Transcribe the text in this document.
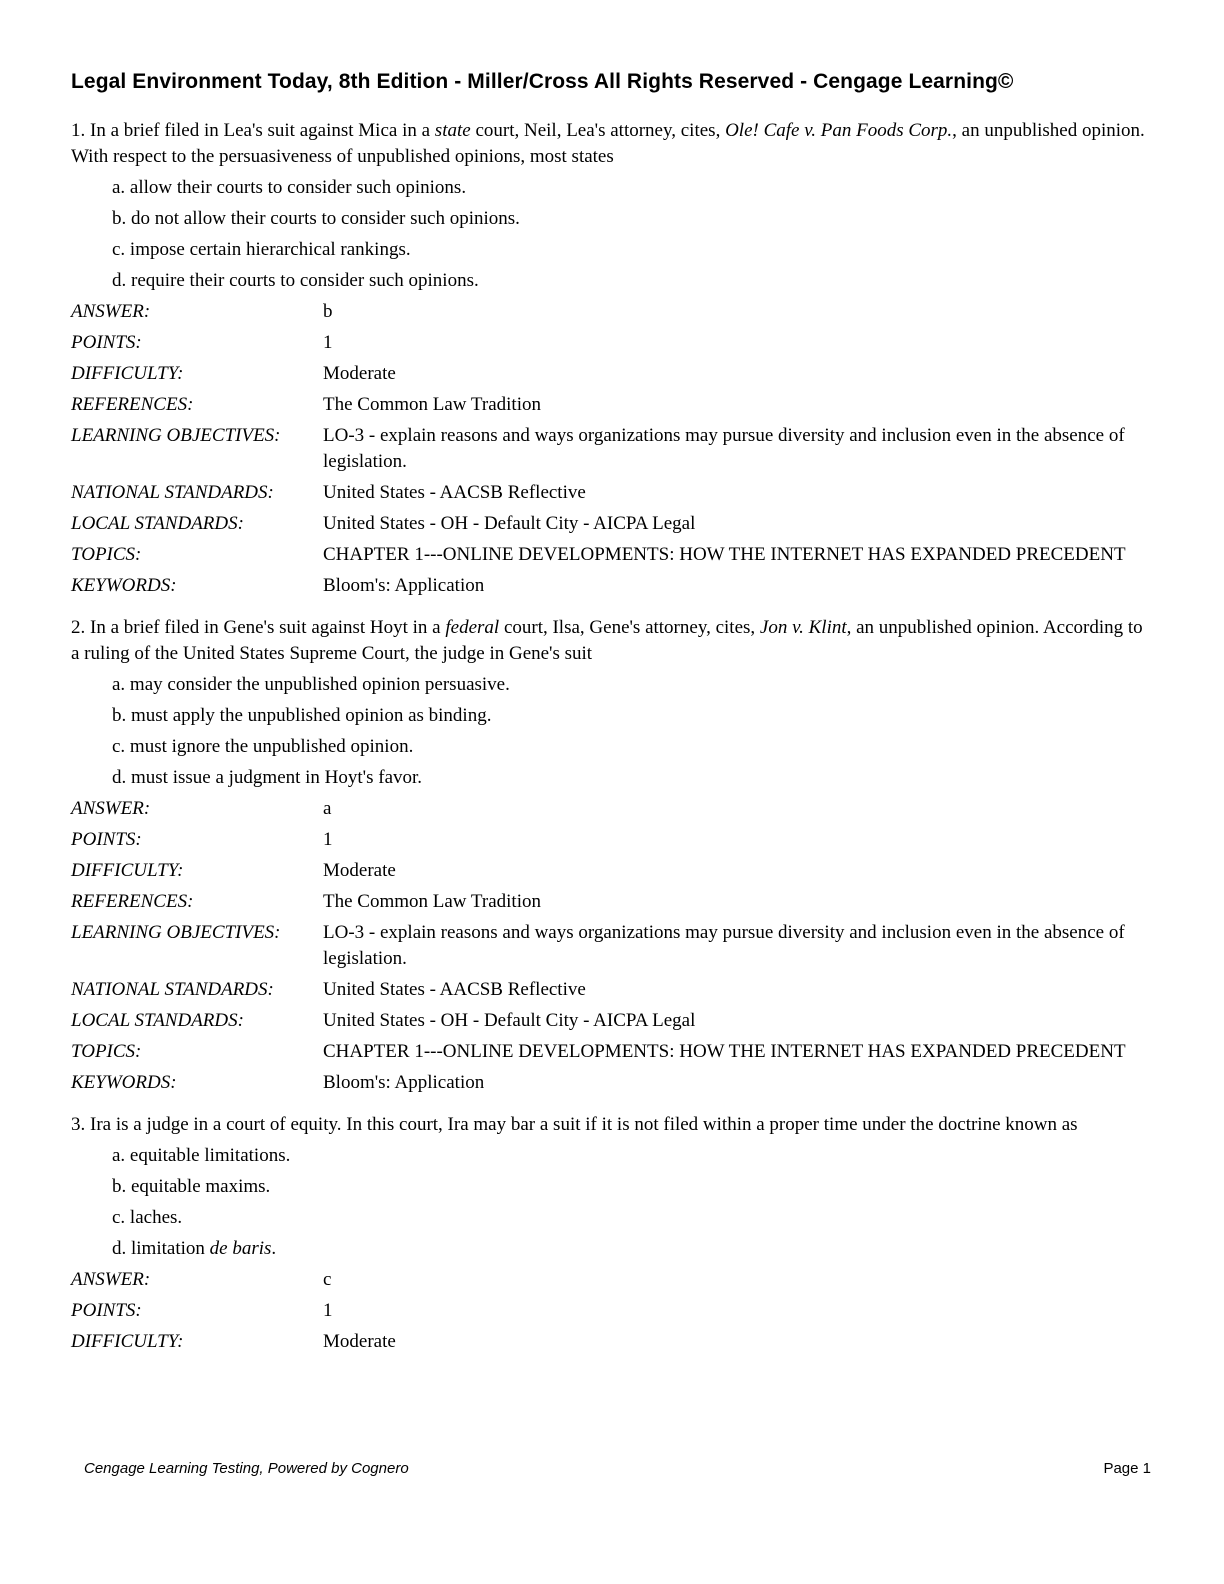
Legal Environment Today, 8th Edition - Miller/Cross All Rights Reserved - Cengage Learning©

1. In a brief filed in Lea's suit against Mica in a state court, Neil, Lea's attorney, cites, Ole! Cafe v. Pan Foods Corp., an unpublished opinion. With respect to the persuasiveness of unpublished opinions, most states

a. allow their courts to consider such opinions.
b. do not allow their courts to consider such opinions.
c. impose certain hierarchical rankings.
d. require their courts to consider such opinions.
ANSWER:	b
POINTS:	1
DIFFICULTY:	Moderate
REFERENCES:	The Common Law Tradition
LEARNING OBJECTIVES:	LO-3 - explain reasons and ways organizations may pursue diversity and inclusion even in the absence of legislation.
NATIONAL STANDARDS:	United States - AACSB Reflective
LOCAL STANDARDS:	United States - OH - Default City - AICPA Legal
TOPICS:	CHAPTER 1---ONLINE DEVELOPMENTS: HOW THE INTERNET HAS EXPANDED PRECEDENT
KEYWORDS:	Bloom's: Application

2. In a brief filed in Gene's suit against Hoyt in a federal court, Ilsa, Gene's attorney, cites, Jon v. Klint, an unpublished opinion. According to a ruling of the United States Supreme Court, the judge in Gene's suit

a. may consider the unpublished opinion persuasive.
b. must apply the unpublished opinion as binding.
c. must ignore the unpublished opinion.
d. must issue a judgment in Hoyt's favor.
ANSWER:	a
POINTS:	1
DIFFICULTY:	Moderate
REFERENCES:	The Common Law Tradition
LEARNING OBJECTIVES:	LO-3 - explain reasons and ways organizations may pursue diversity and inclusion even in the absence of legislation.
NATIONAL STANDARDS:	United States - AACSB Reflective
LOCAL STANDARDS:	United States - OH - Default City - AICPA Legal
TOPICS:	CHAPTER 1---ONLINE DEVELOPMENTS: HOW THE INTERNET HAS EXPANDED PRECEDENT
KEYWORDS:	Bloom's: Application

3. Ira is a judge in a court of equity. In this court, Ira may bar a suit if it is not filed within a proper time under the doctrine known as

a. equitable limitations.
b. equitable maxims.
c. laches.
d. limitation de baris.
ANSWER:	c
POINTS:	1
DIFFICULTY:	Moderate
Cengage Learning Testing, Powered by Cognero	Page 1
